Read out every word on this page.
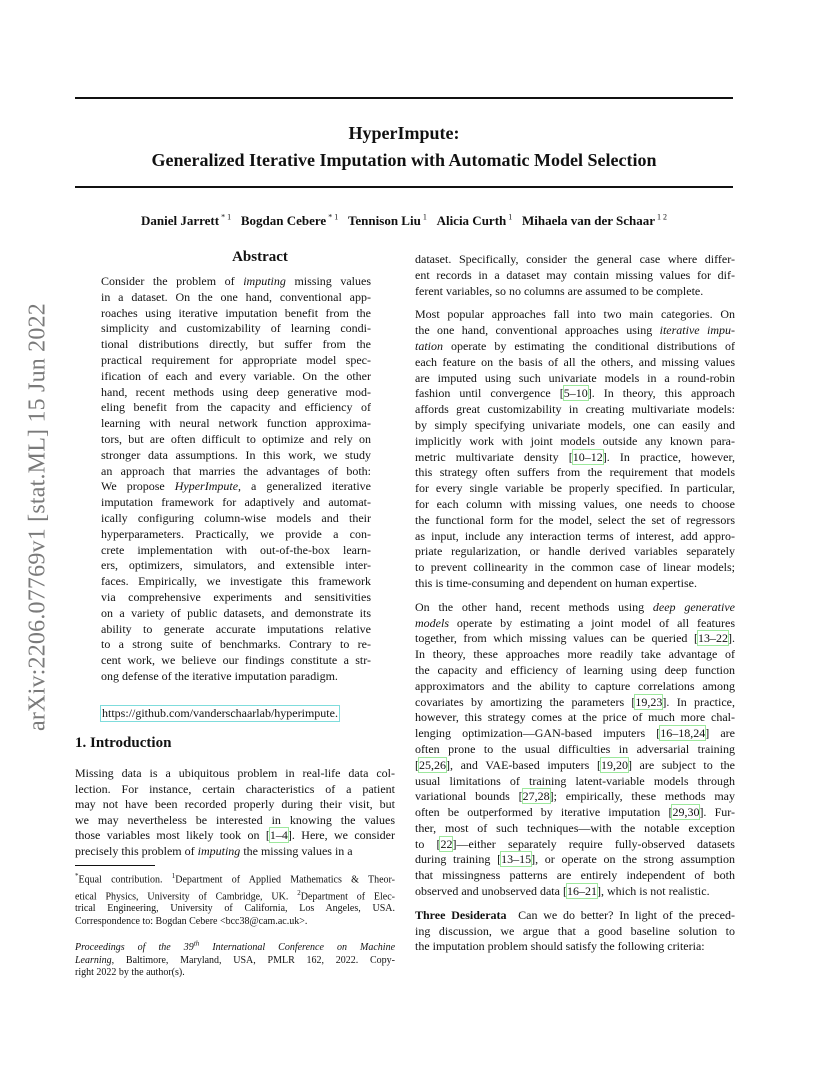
HyperImpute:
Generalized Iterative Imputation with Automatic Model Selection
Daniel Jarrett $^{* 1}$ Bogdan Cebere $^{* 1}$ Tennison Liu $^1$ Alicia Curth $^1$ Mihaela van der Schaar $^{1 2}$
arXiv:2206.07769v1 [stat.ML] 15 Jun 2022
Abstract
Consider the problem of imputing missing values
in a dataset. On the one hand, conventional app-
roaches using iterative imputation benefit from the
simplicity and customizability of learning condi-
tional distributions directly, but suffer from the
practical requirement for appropriate model spec-
ification of each and every variable. On the other
hand, recent methods using deep generative mod-
eling benefit from the capacity and efficiency of
learning with neural network function approxima-
tors, but are often difficult to optimize and rely on
stronger data assumptions. In this work, we study
an approach that marries the advantages of both:
We propose HyperImpute, a generalized iterative
imputation framework for adaptively and automat-
ically configuring column-wise models and their
hyperparameters. Practically, we provide a con-
crete implementation with out-of-the-box learn-
ers, optimizers, simulators, and extensible inter-
faces. Empirically, we investigate this framework
via comprehensive experiments and sensitivities
on a variety of public datasets, and demonstrate its
ability to generate accurate imputations relative
to a strong suite of benchmarks. Contrary to re-
cent work, we believe our findings constitute a str-
ong defense of the iterative imputation paradigm.
https://github.com/vanderschaarlab/hyperimpute.
1. Introduction
Missing data is a ubiquitous problem in real-life data col-
lection. For instance, certain characteristics of a patient
may not have been recorded properly during their visit, but
we may nevertheless be interested in knowing the values
those variables most likely took on [1–4]. Here, we consider
precisely this problem of imputing the missing values in a
*Equal contribution. $^1$Department of Applied Mathematics & Theor-
etical Physics, University of Cambridge, UK. $^2$Department of Elec-
trical Engineering, University of California, Los Angeles, USA.
Correspondence to: Bogdan Cebere <bcc38@cam.ac.uk>.
Proceedings of the 39th International Conference on Machine
Learning, Baltimore, Maryland, USA, PMLR 162, 2022. Copy-
right 2022 by the author(s).
dataset. Specifically, consider the general case where differ-
ent records in a dataset may contain missing values for dif-
ferent variables, so no columns are assumed to be complete.
Most popular approaches fall into two main categories. On
the one hand, conventional approaches using iterative impu-
tation operate by estimating the conditional distributions of
each feature on the basis of all the others, and missing values
are imputed using such univariate models in a round-robin
fashion until convergence [5–10]. In theory, this approach
affords great customizability in creating multivariate models:
by simply specifying univariate models, one can easily and
implicitly work with joint models outside any known para-
metric multivariate density [10–12]. In practice, however,
this strategy often suffers from the requirement that models
for every single variable be properly specified. In particular,
for each column with missing values, one needs to choose
the functional form for the model, select the set of regressors
as input, include any interaction terms of interest, add appro-
priate regularization, or handle derived variables separately
to prevent collinearity in the common case of linear models;
this is time-consuming and dependent on human expertise.
On the other hand, recent methods using deep generative
models operate by estimating a joint model of all features
together, from which missing values can be queried [13–22].
In theory, these approaches more readily take advantage of
the capacity and efficiency of learning using deep function
approximators and the ability to capture correlations among
covariates by amortizing the parameters [19,23]. In practice,
however, this strategy comes at the price of much more chal-
lenging optimization—GAN-based imputers [16–18,24] are
often prone to the usual difficulties in adversarial training
[25,26], and VAE-based imputers [19,20] are subject to the
usual limitations of training latent-variable models through
variational bounds [27,28]; empirically, these methods may
often be outperformed by iterative imputation [29,30]. Fur-
ther, most of such techniques—with the notable exception
to [22]—either separately require fully-observed datasets
during training [13–15], or operate on the strong assumption
that missingness patterns are entirely independent of both
observed and unobserved data [16–21], which is not realistic.
Three Desiderata  Can we do better? In light of the preced-
ing discussion, we argue that a good baseline solution to
the imputation problem should satisfy the following criteria:
